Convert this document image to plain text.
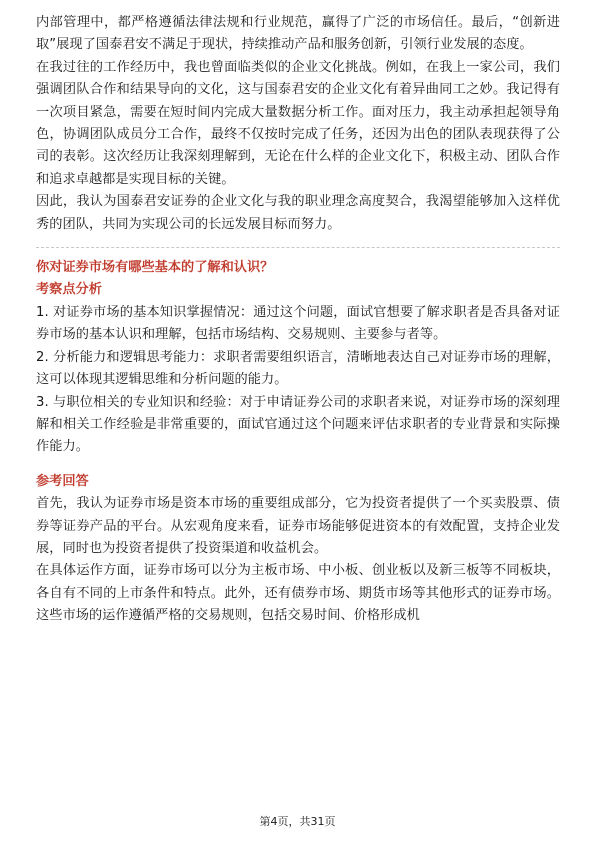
内部管理中，都严格遵循法律法规和行业规范，赢得了广泛的市场信任。最后，“创新进取”展现了国泰君安不满足于现状，持续推动产品和服务创新，引领行业发展的态度。

在我过往的工作经历中，我也曾面临类似的企业文化挑战。例如，在我上一家公司，我们强调团队合作和结果导向的文化，这与国泰君安的企业文化有着异曲同工之妙。我记得有一次项目紧急，需要在短时间内完成大量数据分析工作。面对压力，我主动承担起领导角色，协调团队成员分工合作，最终不仅按时完成了任务，还因为出色的团队表现获得了公司的表彰。这次经历让我深刻理解到，无论在什么样的企业文化下，积极主动、团队合作和追求卓越都是实现目标的关键。

因此，我认为国泰君安证券的企业文化与我的职业理念高度契合，我渴望能够加入这样优秀的团队，共同为实现公司的长远发展目标而努力。

你对证券市场有哪些基本的了解和认识？

考察点分析

1. 对证券市场的基本知识掌握情况：通过这个问题，面试官想要了解求职者是否具备对证券市场的基本认识和理解，包括市场结构、交易规则、主要参与者等。

2. 分析能力和逻辑思考能力：求职者需要组织语言，清晰地表达自己对证券市场的理解，这可以体现其逻辑思维和分析问题的能力。

3. 与职位相关的专业知识和经验：对于申请证券公司的求职者来说，对证券市场的深刻理解和相关工作经验是非常重要的，面试官通过这个问题来评估求职者的专业背景和实际操作能力。

参考回答

首先，我认为证券市场是资本市场的重要组成部分，它为投资者提供了一个买卖股票、债券等证券产品的平台。从宏观角度来看，证券市场能够促进资本的有效配置，支持企业发展，同时也为投资者提供了投资渠道和收益机会。

在具体运作方面，证券市场可以分为主板市场、中小板、创业板以及新三板等不同板块，各自有不同的上市条件和特点。此外，还有债券市场、期货市场等其他形式的证券市场。这些市场的运作遵循严格的交易规则，包括交易时间、价格形成机

第4页，共31页
